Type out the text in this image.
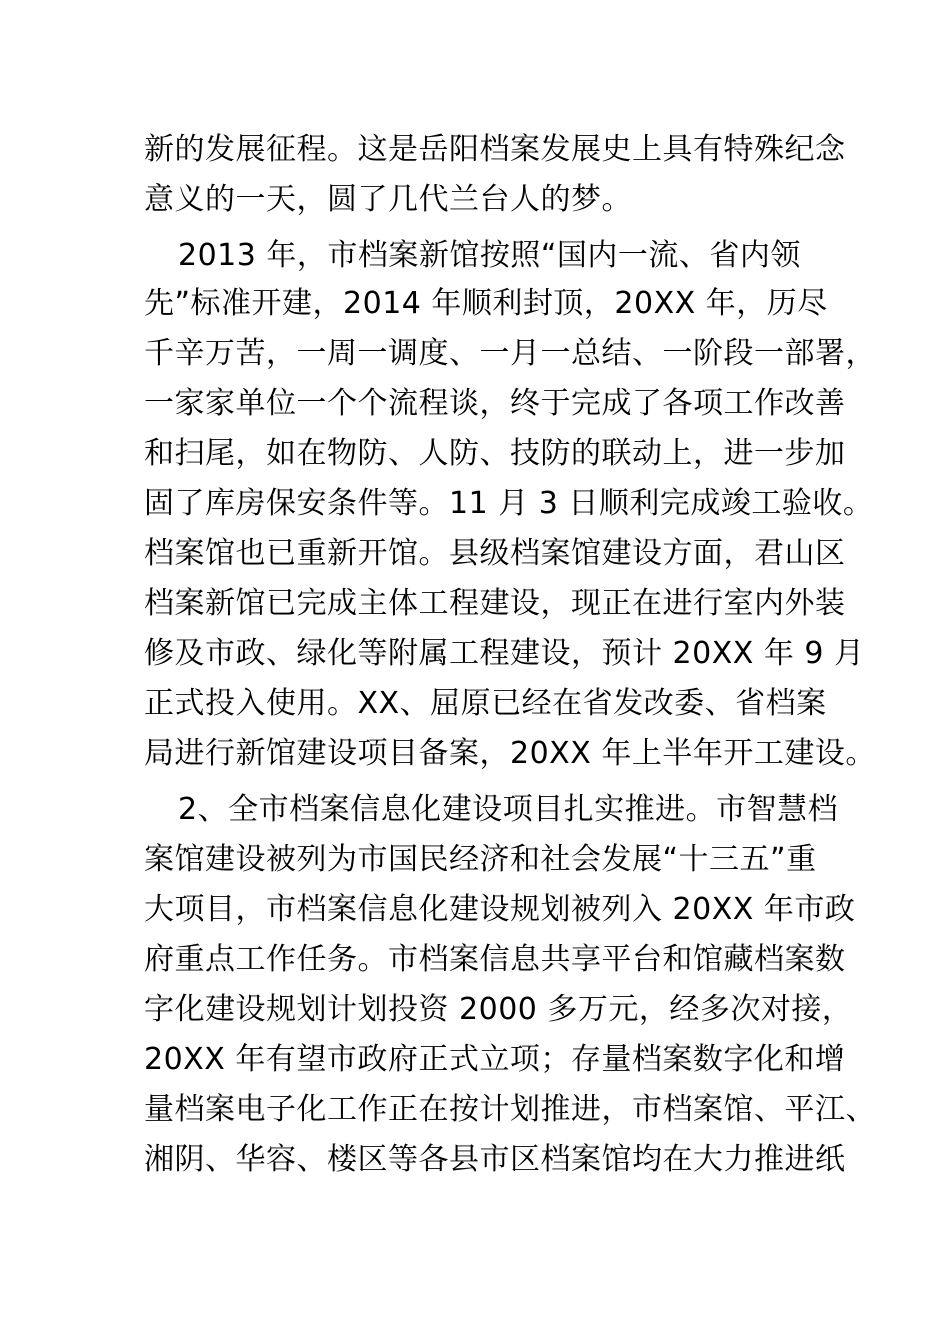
新的发展征程。这是岳阳档案发展史上具有特殊纪念
意义的一天，圆了几代兰台人的梦。
2013 年，市档案新馆按照“国内一流、省内领
先”标准开建，2014 年顺利封顶，20XX 年，历尽
千辛万苦，一周一调度、一月一总结、一阶段一部署，
一家家单位一个个流程谈，终于完成了各项工作改善
和扫尾，如在物防、人防、技防的联动上，进一步加
固了库房保安条件等。11 月 3 日顺利完成竣工验收。
档案馆也已重新开馆。县级档案馆建设方面，君山区
档案新馆已完成主体工程建设，现正在进行室内外装
修及市政、绿化等附属工程建设，预计 20XX 年 9 月
正式投入使用。XX、屈原已经在省发改委、省档案
局进行新馆建设项目备案，20XX 年上半年开工建设。
2、全市档案信息化建设项目扎实推进。市智慧档
案馆建设被列为市国民经济和社会发展“十三五”重
大项目，市档案信息化建设规划被列入 20XX 年市政
府重点工作任务。市档案信息共享平台和馆藏档案数
字化建设规划计划投资 2000 多万元，经多次对接，
20XX 年有望市政府正式立项；存量档案数字化和增
量档案电子化工作正在按计划推进，市档案馆、平江、
湘阴、华容、楼区等各县市区档案馆均在大力推进纸
